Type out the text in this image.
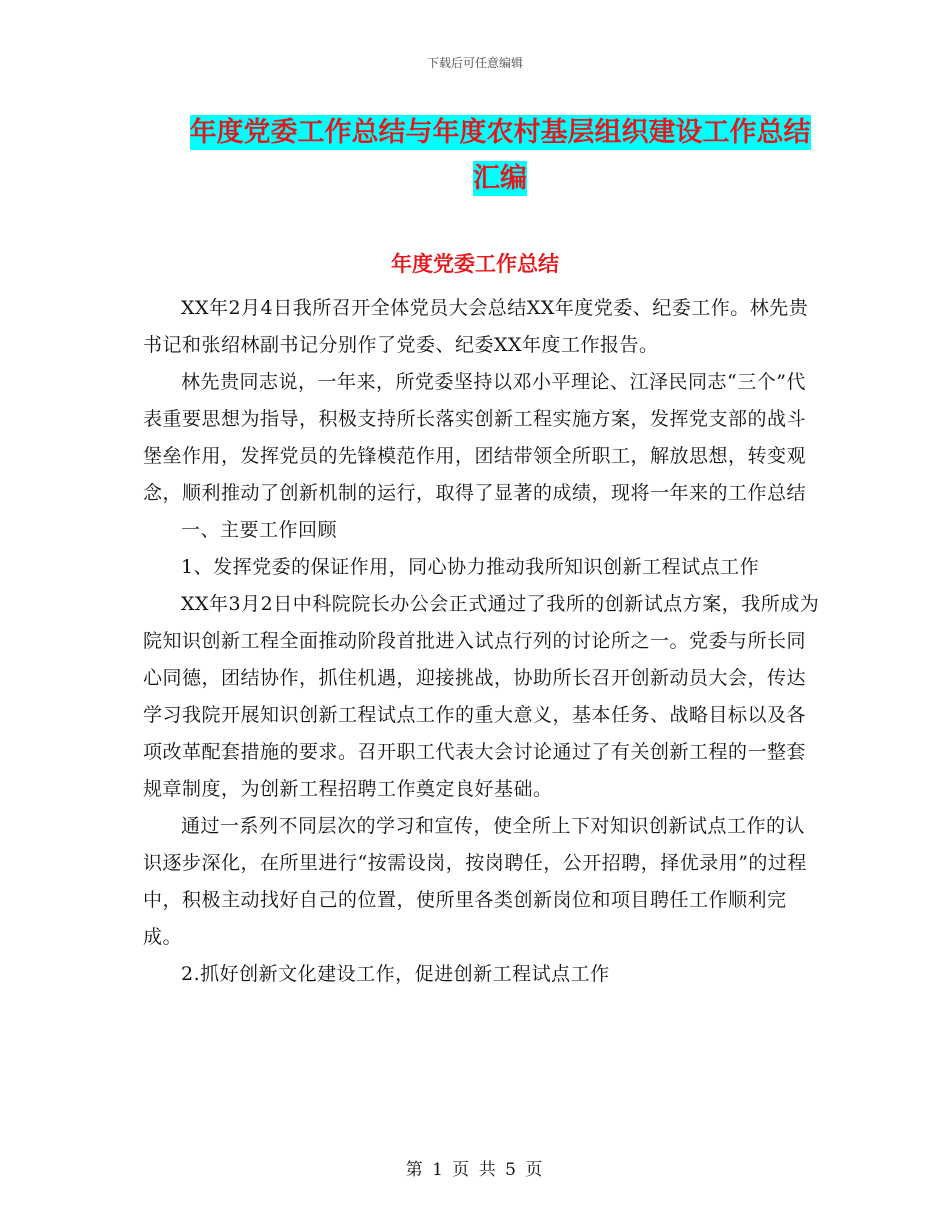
下载后可任意编辑
年度党委工作总结与年度农村基层组织建设工作总结
汇编
年度党委工作总结

XX年2月4日我所召开全体党员大会总结XX年度党委、纪委工作。林先贵书记和张绍林副书记分别作了党委、纪委XX年度工作报告。

林先贵同志说，一年来，所党委坚持以邓小平理论、江泽民同志“三个”代表重要思想为指导，积极支持所长落实创新工程实施方案，发挥党支部的战斗堡垒作用，发挥党员的先锋模范作用，团结带领全所职工，解放思想，转变观念，顺利推动了创新机制的运行，取得了显著的成绩，现将一年来的工作总结

一、主要工作回顾

1、发挥党委的保证作用，同心协力推动我所知识创新工程试点工作

XX年3月2日中科院院长办公会正式通过了我所的创新试点方案，我所成为院知识创新工程全面推动阶段首批进入试点行列的讨论所之一。党委与所长同心同德，团结协作，抓住机遇，迎接挑战，协助所长召开创新动员大会，传达学习我院开展知识创新工程试点工作的重大意义，基本任务、战略目标以及各项改革配套措施的要求。召开职工代表大会讨论通过了有关创新工程的一整套规章制度，为创新工程招聘工作奠定良好基础。

通过一系列不同层次的学习和宣传，使全所上下对知识创新试点工作的认识逐步深化，在所里进行“按需设岗，按岗聘任，公开招聘，择优录用”的过程中，积极主动找好自己的位置，使所里各类创新岗位和项目聘任工作顺利完成。

2.抓好创新文化建设工作，促进创新工程试点工作

第 1 页 共 5 页
